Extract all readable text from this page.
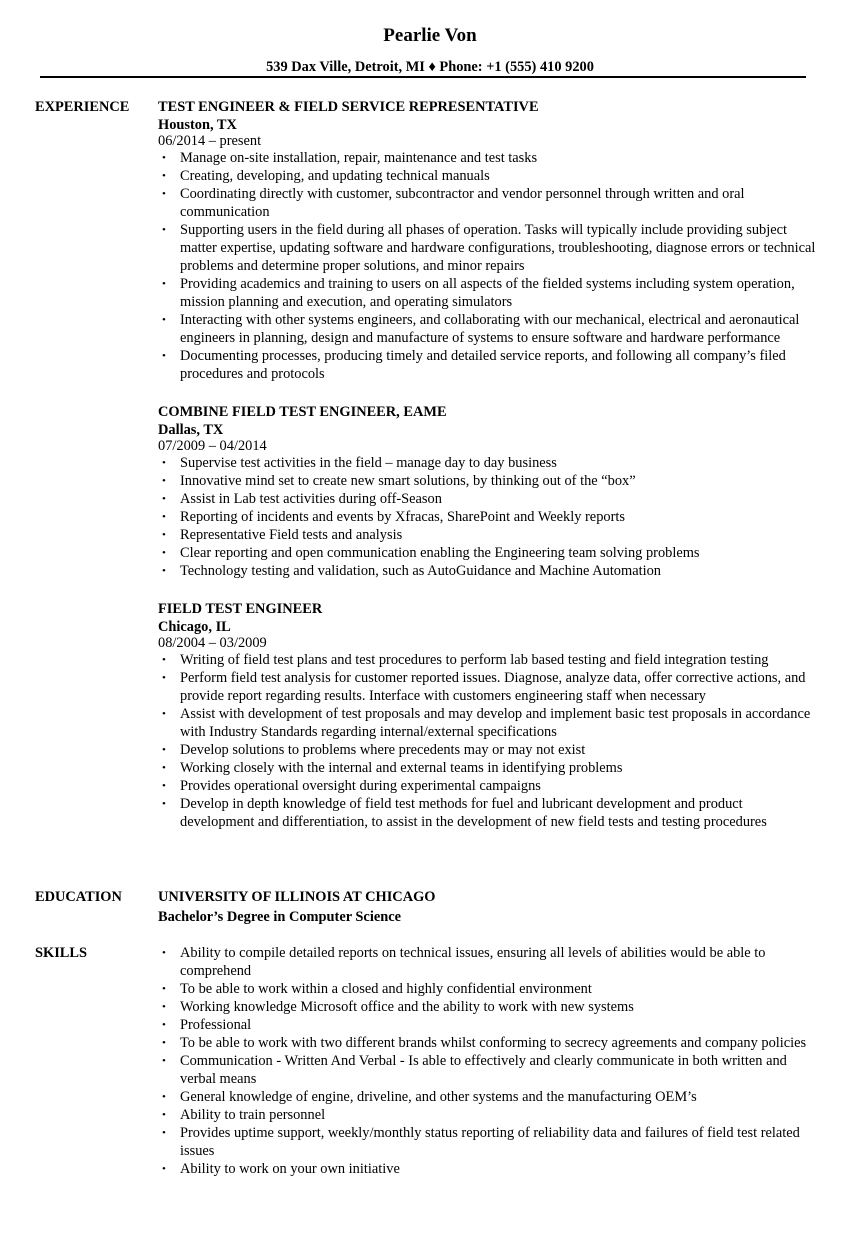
Pearlie Von
539 Dax Ville, Detroit, MI ♦ Phone: +1 (555) 410 9200
EXPERIENCE TEST ENGINEER & FIELD SERVICE REPRESENTATIVE
Houston, TX
06/2014 – present
• Manage on-site installation, repair, maintenance and test tasks
• Creating, developing, and updating technical manuals
• Coordinating directly with customer, subcontractor and vendor personnel through written and oral communication
• Supporting users in the field during all phases of operation. Tasks will typically include providing subject matter expertise, updating software and hardware configurations, troubleshooting, diagnose errors or technical problems and determine proper solutions, and minor repairs
• Providing academics and training to users on all aspects of the fielded systems including system operation, mission planning and execution, and operating simulators
• Interacting with other systems engineers, and collaborating with our mechanical, electrical and aeronautical engineers in planning, design and manufacture of systems to ensure software and hardware performance
• Documenting processes, producing timely and detailed service reports, and following all company’s filed procedures and protocols
COMBINE FIELD TEST ENGINEER, EAME
Dallas, TX
07/2009 – 04/2014
• Supervise test activities in the field – manage day to day business
• Innovative mind set to create new smart solutions, by thinking out of the “box”
• Assist in Lab test activities during off-Season
• Reporting of incidents and events by Xfracas, SharePoint and Weekly reports
• Representative Field tests and analysis
• Clear reporting and open communication enabling the Engineering team solving problems
• Technology testing and validation, such as AutoGuidance and Machine Automation
FIELD TEST ENGINEER
Chicago, IL
08/2004 – 03/2009
• Writing of field test plans and test procedures to perform lab based testing and field integration testing
• Perform field test analysis for customer reported issues. Diagnose, analyze data, offer corrective actions, and provide report regarding results. Interface with customers engineering staff when necessary
• Assist with development of test proposals and may develop and implement basic test proposals in accordance with Industry Standards regarding internal/external specifications
• Develop solutions to problems where precedents may or may not exist
• Working closely with the internal and external teams in identifying problems
• Provides operational oversight during experimental campaigns
• Develop in depth knowledge of field test methods for fuel and lubricant development and product development and differentiation, to assist in the development of new field tests and testing procedures
EDUCATION	UNIVERSITY OF ILLINOIS AT CHICAGO
Bachelor’s Degree in Computer Science
SKILLS	• Ability to compile detailed reports on technical issues, ensuring all levels of abilities would be able to comprehend
• To be able to work within a closed and highly confidential environment
• Working knowledge Microsoft office and the ability to work with new systems
• Professional
• To be able to work with two different brands whilst conforming to secrecy agreements and company policies
• Communication - Written And Verbal - Is able to effectively and clearly communicate in both written and verbal means
• General knowledge of engine, driveline, and other systems and the manufacturing OEM’s
• Ability to train personnel
• Provides uptime support, weekly/monthly status reporting of reliability data and failures of field test related issues
• Ability to work on your own initiative
